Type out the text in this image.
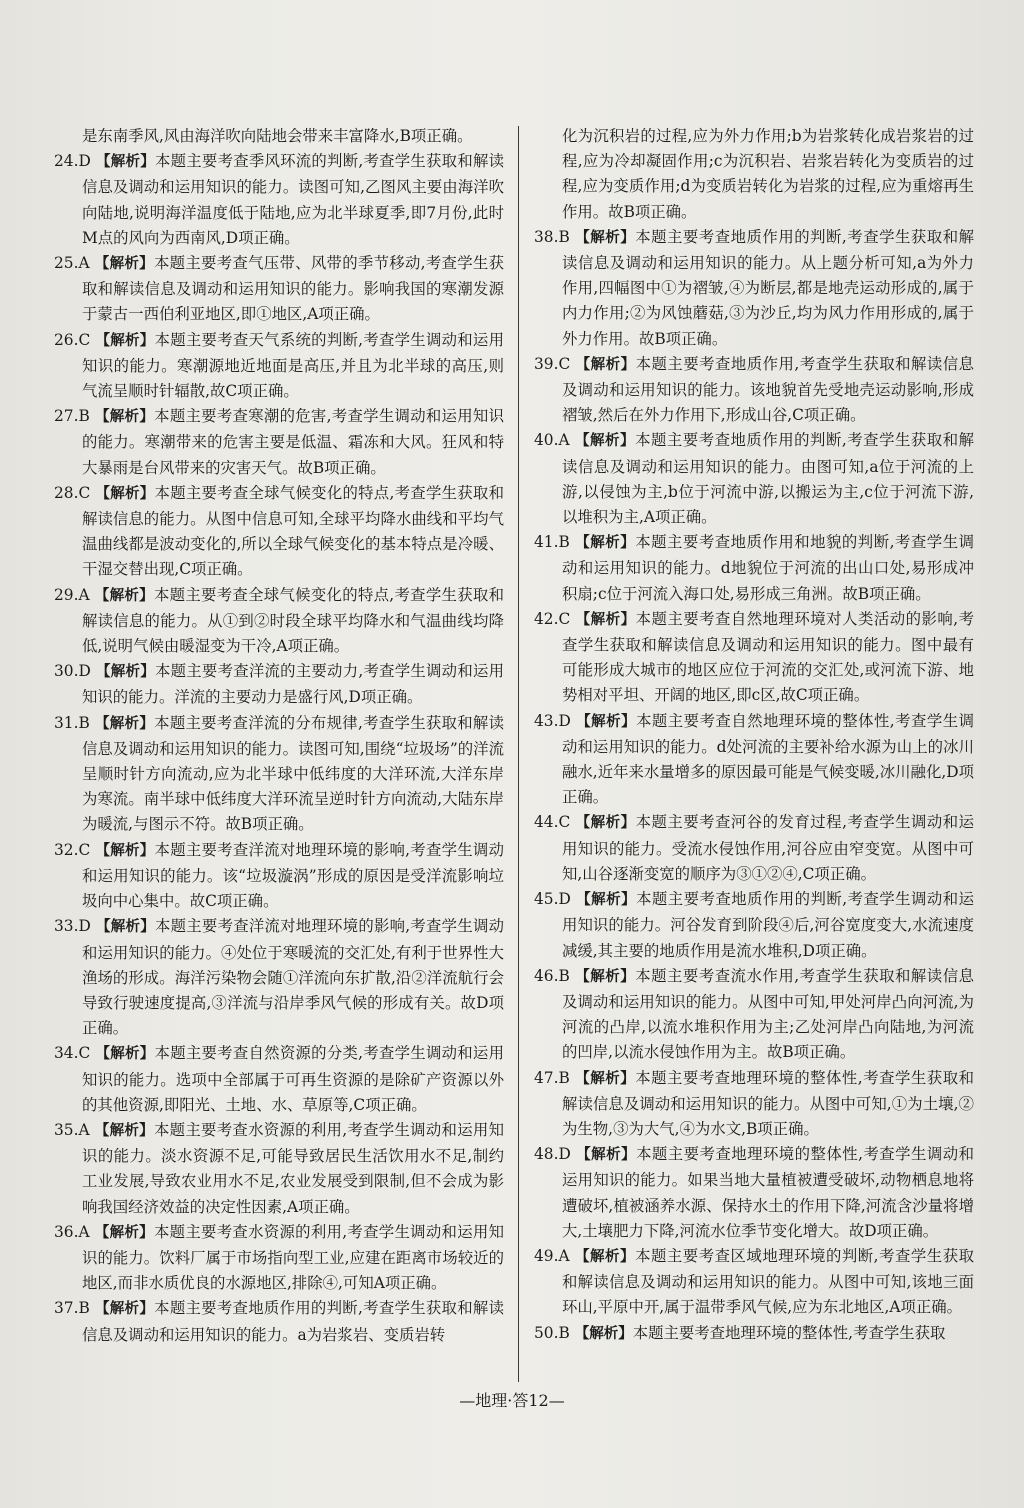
是东南季风,风由海洋吹向陆地会带来丰富降水,B项正确。

24.D 【解析】本题主要考查季风环流的判断,考查学生获取和解读信息及调动和运用知识的能力。读图可知,乙图风主要由海洋吹向陆地,说明海洋温度低于陆地,应为北半球夏季,即7月份,此时M点的风向为西南风,D项正确。

25.A 【解析】本题主要考查气压带、风带的季节移动,考查学生获取和解读信息及调动和运用知识的能力。影响我国的寒潮发源于蒙古一西伯利亚地区,即①地区,A项正确。

26.C 【解析】本题主要考查天气系统的判断,考查学生调动和运用知识的能力。寒潮源地近地面是高压,并且为北半球的高压,则气流呈顺时针辐散,故C项正确。

27.B 【解析】本题主要考查寒潮的危害,考查学生调动和运用知识的能力。寒潮带来的危害主要是低温、霜冻和大风。狂风和特大暴雨是台风带来的灾害天气。故B项正确。

28.C 【解析】本题主要考查全球气候变化的特点,考查学生获取和解读信息的能力。从图中信息可知,全球平均降水曲线和平均气温曲线都是波动变化的,所以全球气候变化的基本特点是冷暖、干湿交替出现,C项正确。

29.A 【解析】本题主要考查全球气候变化的特点,考查学生获取和解读信息的能力。从①到②时段全球平均降水和气温曲线均降低,说明气候由暖湿变为干冷,A项正确。

30.D 【解析】本题主要考查洋流的主要动力,考查学生调动和运用知识的能力。洋流的主要动力是盛行风,D项正确。

31.B 【解析】本题主要考查洋流的分布规律,考查学生获取和解读信息及调动和运用知识的能力。读图可知,围绕“垃圾场”的洋流呈顺时针方向流动,应为北半球中低纬度的大洋环流,大洋东岸为寒流。南半球中低纬度大洋环流呈逆时针方向流动,大陆东岸为暖流,与图示不符。故B项正确。

32.C 【解析】本题主要考查洋流对地理环境的影响,考查学生调动和运用知识的能力。该“垃圾漩涡”形成的原因是受洋流影响垃圾向中心集中。故C项正确。

33.D 【解析】本题主要考查洋流对地理环境的影响,考查学生调动和运用知识的能力。④处位于寒暖流的交汇处,有利于世界性大渔场的形成。海洋污染物会随①洋流向东扩散,沿②洋流航行会导致行驶速度提高,③洋流与沿岸季风气候的形成有关。故D项正确。

34.C 【解析】本题主要考查自然资源的分类,考查学生调动和运用知识的能力。选项中全部属于可再生资源的是除矿产资源以外的其他资源,即阳光、土地、水、草原等,C项正确。

35.A 【解析】本题主要考查水资源的利用,考查学生调动和运用知识的能力。淡水资源不足,可能导致居民生活饮用水不足,制约工业发展,导致农业用水不足,农业发展受到限制,但不会成为影响我国经济效益的决定性因素,A项正确。

36.A 【解析】本题主要考查水资源的利用,考查学生调动和运用知识的能力。饮料厂属于市场指向型工业,应建在距离市场较近的地区,而非水质优良的水源地区,排除④,可知A项正确。

37.B 【解析】本题主要考查地质作用的判断,考查学生获取和解读信息及调动和运用知识的能力。a为岩浆岩、变质岩转

化为沉积岩的过程,应为外力作用;b为岩浆转化成岩浆岩的过程,应为冷却凝固作用;c为沉积岩、岩浆岩转化为变质岩的过程,应为变质作用;d为变质岩转化为岩浆的过程,应为重熔再生作用。故B项正确。

38.B 【解析】本题主要考查地质作用的判断,考查学生获取和解读信息及调动和运用知识的能力。从上题分析可知,a为外力作用,四幅图中①为褶皱,④为断层,都是地壳运动形成的,属于内力作用;②为风蚀蘑菇,③为沙丘,均为风力作用形成的,属于外力作用。故B项正确。

39.C 【解析】本题主要考查地质作用,考查学生获取和解读信息及调动和运用知识的能力。该地貌首先受地壳运动影响,形成褶皱,然后在外力作用下,形成山谷,C项正确。

40.A 【解析】本题主要考查地质作用的判断,考查学生获取和解读信息及调动和运用知识的能力。由图可知,a位于河流的上游,以侵蚀为主,b位于河流中游,以搬运为主,c位于河流下游,以堆积为主,A项正确。

41.B 【解析】本题主要考查地质作用和地貌的判断,考查学生调动和运用知识的能力。d地貌位于河流的出山口处,易形成冲积扇;c位于河流入海口处,易形成三角洲。故B项正确。

42.C 【解析】本题主要考查自然地理环境对人类活动的影响,考查学生获取和解读信息及调动和运用知识的能力。图中最有可能形成大城市的地区应位于河流的交汇处,或河流下游、地势相对平坦、开阔的地区,即c区,故C项正确。

43.D 【解析】本题主要考查自然地理环境的整体性,考查学生调动和运用知识的能力。d处河流的主要补给水源为山上的冰川融水,近年来水量增多的原因最可能是气候变暖,冰川融化,D项正确。

44.C 【解析】本题主要考查河谷的发育过程,考查学生调动和运用知识的能力。受流水侵蚀作用,河谷应由窄变宽。从图中可知,山谷逐渐变宽的顺序为③①②④,C项正确。

45.D 【解析】本题主要考查地质作用的判断,考查学生调动和运用知识的能力。河谷发育到阶段④后,河谷宽度变大,水流速度减缓,其主要的地质作用是流水堆积,D项正确。

46.B 【解析】本题主要考查流水作用,考查学生获取和解读信息及调动和运用知识的能力。从图中可知,甲处河岸凸向河流,为河流的凸岸,以流水堆积作用为主;乙处河岸凸向陆地,为河流的凹岸,以流水侵蚀作用为主。故B项正确。

47.B 【解析】本题主要考查地理环境的整体性,考查学生获取和解读信息及调动和运用知识的能力。从图中可知,①为土壤,②为生物,③为大气,④为水文,B项正确。

48.D 【解析】本题主要考查地理环境的整体性,考查学生调动和运用知识的能力。如果当地大量植被遭受破坏,动物栖息地将遭破坏,植被涵养水源、保持水土的作用下降,河流含沙量将增大,土壤肥力下降,河流水位季节变化增大。故D项正确。

49.A 【解析】本题主要考查区域地理环境的判断,考查学生获取和解读信息及调动和运用知识的能力。从图中可知,该地三面环山,平原中开,属于温带季风气候,应为东北地区,A项正确。

50.B 【解析】本题主要考查地理环境的整体性,考查学生获取

—地理·答12—
